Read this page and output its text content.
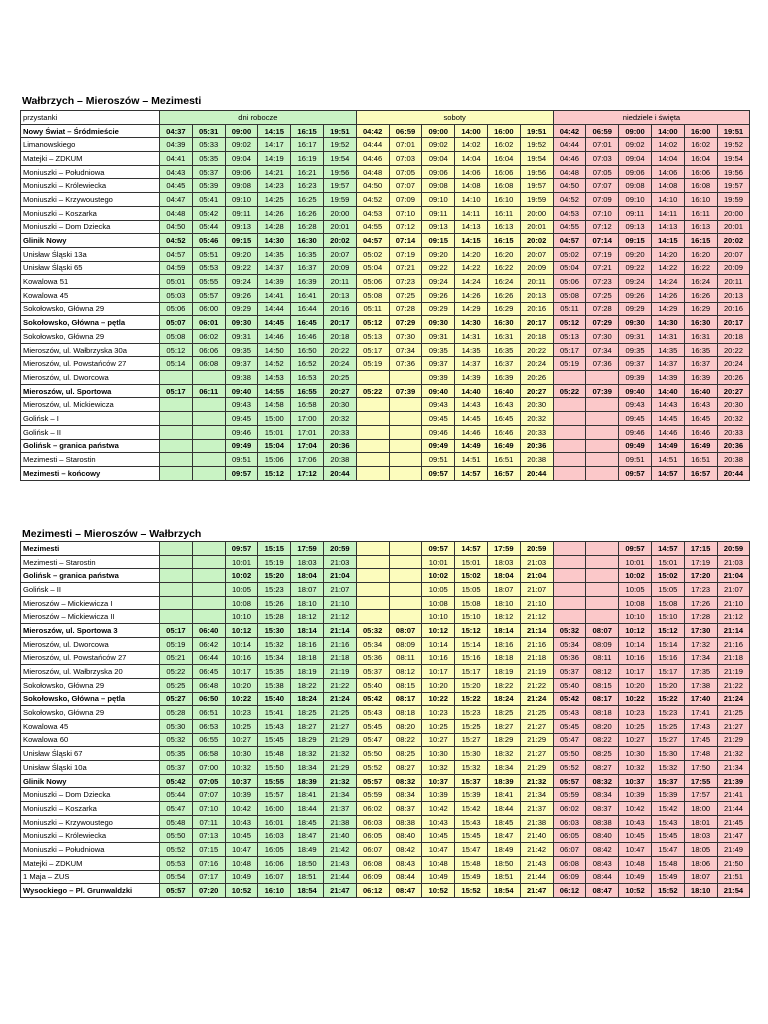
Wałbrzych – Mieroszów – Mezimesti
przystanki	dni robocze						soboty						niedziele i święta					
Nowy Świat – Śródmieście	04:37	05:31	09:00	14:15	16:15	19:51	04:42	06:59	09:00	14:00	16:00	19:51	04:42	06:59	09:00	14:00	16:00	19:51
Limanowskiego	04:39	05:33	09:02	14:17	16:17	19:52	04:44	07:01	09:02	14:02	16:02	19:52	04:44	07:01	09:02	14:02	16:02	19:52
Matejki – ZDKUM	04:41	05:35	09:04	14:19	16:19	19:54	04:46	07:03	09:04	14:04	16:04	19:54	04:46	07:03	09:04	14:04	16:04	19:54
Moniuszki – Południowa	04:43	05:37	09:06	14:21	16:21	19:56	04:48	07:05	09:06	14:06	16:06	19:56	04:48	07:05	09:06	14:06	16:06	19:56
Moniuszki – Królewiecka	04:45	05:39	09:08	14:23	16:23	19:57	04:50	07:07	09:08	14:08	16:08	19:57	04:50	07:07	09:08	14:08	16:08	19:57
Moniuszki – Krzywoustego	04:47	05:41	09:10	14:25	16:25	19:59	04:52	07:09	09:10	14:10	16:10	19:59	04:52	07:09	09:10	14:10	16:10	19:59
Moniuszki – Koszarka	04:48	05:42	09:11	14:26	16:26	20:00	04:53	07:10	09:11	14:11	16:11	20:00	04:53	07:10	09:11	14:11	16:11	20:00
Moniuszki – Dom Dziecka	04:50	05:44	09:13	14:28	16:28	20:01	04:55	07:12	09:13	14:13	16:13	20:01	04:55	07:12	09:13	14:13	16:13	20:01
Glinik Nowy	04:52	05:46	09:15	14:30	16:30	20:02	04:57	07:14	09:15	14:15	16:15	20:02	04:57	07:14	09:15	14:15	16:15	20:02
Unisław Śląski 13a	04:57	05:51	09:20	14:35	16:35	20:07	05:02	07:19	09:20	14:20	16:20	20:07	05:02	07:19	09:20	14:20	16:20	20:07
Unisław Śląski 65	04:59	05:53	09:22	14:37	16:37	20:09	05:04	07:21	09:22	14:22	16:22	20:09	05:04	07:21	09:22	14:22	16:22	20:09
Kowalowa 51	05:01	05:55	09:24	14:39	16:39	20:11	05:06	07:23	09:24	14:24	16:24	20:11	05:06	07:23	09:24	14:24	16:24	20:11
Kowalowa 45	05:03	05:57	09:26	14:41	16:41	20:13	05:08	07:25	09:26	14:26	16:26	20:13	05:08	07:25	09:26	14:26	16:26	20:13
Sokołowsko, Główna 29	05:06	06:00	09:29	14:44	16:44	20:16	05:11	07:28	09:29	14:29	16:29	20:16	05:11	07:28	09:29	14:29	16:29	20:16
Sokołowsko, Główna – pętla	05:07	06:01	09:30	14:45	16:45	20:17	05:12	07:29	09:30	14:30	16:30	20:17	05:12	07:29	09:30	14:30	16:30	20:17
Sokołowsko, Główna 29	05:08	06:02	09:31	14:46	16:46	20:18	05:13	07:30	09:31	14:31	16:31	20:18	05:13	07:30	09:31	14:31	16:31	20:18
Mieroszów, ul. Wałbrzyska 30a	05:12	06:06	09:35	14:50	16:50	20:22	05:17	07:34	09:35	14:35	16:35	20:22	05:17	07:34	09:35	14:35	16:35	20:22
Mieroszów, ul. Powstańców 27	05:14	06:08	09:37	14:52	16:52	20:24	05:19	07:36	09:37	14:37	16:37	20:24	05:19	07:36	09:37	14:37	16:37	20:24
Mieroszów, ul. Dworcowa			09:38	14:53	16:53	20:25			09:39	14:39	16:39	20:26			09:39	14:39	16:39	20:26
Mieroszów, ul. Sportowa	05:17	06:11	09:40	14:55	16:55	20:27	05:22	07:39	09:40	14:40	16:40	20:27	05:22	07:39	09:40	14:40	16:40	20:27
Mieroszów, ul. Mickiewicza			09:43	14:58	16:58	20:30			09:43	14:43	16:43	20:30			09:43	14:43	16:43	20:30
Golińsk – I			09:45	15:00	17:00	20:32			09:45	14:45	16:45	20:32			09:45	14:45	16:45	20:32
Golińsk – II			09:46	15:01	17:01	20:33			09:46	14:46	16:46	20:33			09:46	14:46	16:46	20:33
Golińsk – granica państwa			09:49	15:04	17:04	20:36			09:49	14:49	16:49	20:36			09:49	14:49	16:49	20:36
Mezimesti – Starostin			09:51	15:06	17:06	20:38			09:51	14:51	16:51	20:38			09:51	14:51	16:51	20:38
Mezimesti – końcowy			09:57	15:12	17:12	20:44			09:57	14:57	16:57	20:44			09:57	14:57	16:57	20:44
Mezimesti – Mieroszów – Wałbrzych
Mezimesti			09:57	15:15	17:59	20:59			09:57	14:57	17:59	20:59			09:57	14:57	17:15	20:59
Mezimesti – Starostin			10:01	15:19	18:03	21:03			10:01	15:01	18:03	21:03			10:01	15:01	17:19	21:03
Golińsk – granica państwa			10:02	15:20	18:04	21:04			10:02	15:02	18:04	21:04			10:02	15:02	17:20	21:04
Golińsk – II			10:05	15:23	18:07	21:07			10:05	15:05	18:07	21:07			10:05	15:05	17:23	21:07
Mieroszów – Mickiewicza I			10:08	15:26	18:10	21:10			10:08	15:08	18:10	21:10			10:08	15:08	17:26	21:10
Mieroszów – Mickiewicza II			10:10	15:28	18:12	21:12			10:10	15:10	18:12	21:12			10:10	15:10	17:28	21:12
Mieroszów, ul. Sportowa 3	05:17	06:40	10:12	15:30	18:14	21:14	05:32	08:07	10:12	15:12	18:14	21:14	05:32	08:07	10:12	15:12	17:30	21:14
Mieroszów, ul. Dworcowa	05:19	06:42	10:14	15:32	18:16	21:16	05:34	08:09	10:14	15:14	18:16	21:16	05:34	08:09	10:14	15:14	17:32	21:16
Mieroszów, ul. Powstańców 27	05:21	06:44	10:16	15:34	18:18	21:18	05:36	08:11	10:16	15:16	18:18	21:18	05:36	08:11	10:16	15:16	17:34	21:18
Mieroszów, ul. Wałbrzyska 20	05:22	06:45	10:17	15:35	18:19	21:19	05:37	08:12	10:17	15:17	18:19	21:19	05:37	08:12	10:17	15:17	17:35	21:19
Sokołowsko, Główna 29	05:25	06:48	10:20	15:38	18:22	21:22	05:40	08:15	10:20	15:20	18:22	21:22	05:40	08:15	10:20	15:20	17:38	21:22
Sokołowsko, Główna – pętla	05:27	06:50	10:22	15:40	18:24	21:24	05:42	08:17	10:22	15:22	18:24	21:24	05:42	08:17	10:22	15:22	17:40	21:24
Sokołowsko, Główna 29	05:28	06:51	10:23	15:41	18:25	21:25	05:43	08:18	10:23	15:23	18:25	21:25	05:43	08:18	10:23	15:23	17:41	21:25
Kowalowa 45	05:30	06:53	10:25	15:43	18:27	21:27	05:45	08:20	10:25	15:25	18:27	21:27	05:45	08:20	10:25	15:25	17:43	21:27
Kowalowa 60	05:32	06:55	10:27	15:45	18:29	21:29	05:47	08:22	10:27	15:27	18:29	21:29	05:47	08:22	10:27	15:27	17:45	21:29
Unisław Śląski 67	05:35	06:58	10:30	15:48	18:32	21:32	05:50	08:25	10:30	15:30	18:32	21:27	05:50	08:25	10:30	15:30	17:48	21:32
Unisław Śląski 10a	05:37	07:00	10:32	15:50	18:34	21:29	05:52	08:27	10:32	15:32	18:34	21:29	05:52	08:27	10:32	15:32	17:50	21:34
Glinik Nowy	05:42	07:05	10:37	15:55	18:39	21:32	05:57	08:32	10:37	15:37	18:39	21:32	05:57	08:32	10:37	15:37	17:55	21:39
Moniuszki – Dom Dziecka	05:44	07:07	10:39	15:57	18:41	21:34	05:59	08:34	10:39	15:39	18:41	21:34	05:59	08:34	10:39	15:39	17:57	21:41
Moniuszki – Koszarka	05:47	07:10	10:42	16:00	18:44	21:37	06:02	08:37	10:42	15:42	18:44	21:37	06:02	08:37	10:42	15:42	18:00	21:44
Moniuszki – Krzywoustego	05:48	07:11	10:43	16:01	18:45	21:38	06:03	08:38	10:43	15:43	18:45	21:38	06:03	08:38	10:43	15:43	18:01	21:45
Moniuszki – Królewiecka	05:50	07:13	10:45	16:03	18:47	21:40	06:05	08:40	10:45	15:45	18:47	21:40	06:05	08:40	10:45	15:45	18:03	21:47
Moniuszki – Południowa	05:52	07:15	10:47	16:05	18:49	21:42	06:07	08:42	10:47	15:47	18:49	21:42	06:07	08:42	10:47	15:47	18:05	21:49
Matejki – ZDKUM	05:53	07:16	10:48	16:06	18:50	21:43	06:08	08:43	10:48	15:48	18:50	21:43	06:08	08:43	10:48	15:48	18:06	21:50
1 Maja – ZUS	05:54	07:17	10:49	16:07	18:51	21:44	06:09	08:44	10:49	15:49	18:51	21:44	06:09	08:44	10:49	15:49	18:07	21:51
Wysockiego – Pl. Grunwaldzki	05:57	07:20	10:52	16:10	18:54	21:47	06:12	08:47	10:52	15:52	18:54	21:47	06:12	08:47	10:52	15:52	18:10	21:54
